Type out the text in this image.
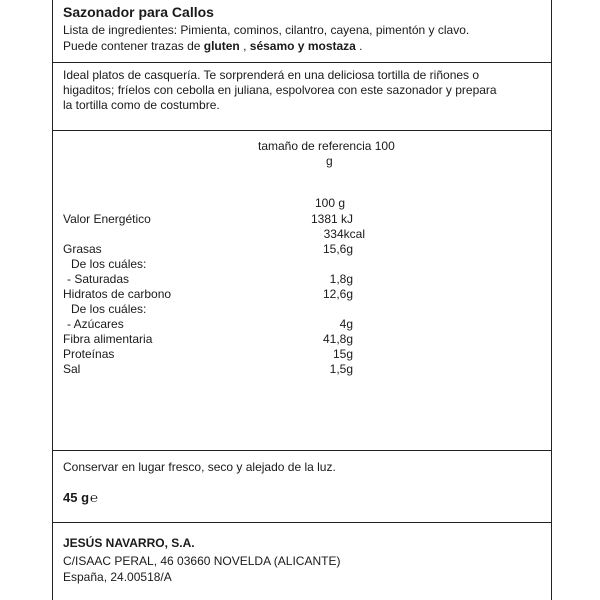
Sazonador para Callos
Lista de ingredientes: Pimienta, cominos, cilantro, cayena, pimentón y clavo.
Puede contener trazas de gluten , sésamo y mostaza .
Ideal platos de casquería. Te sorprenderá en una deliciosa tortilla de riñones o
higaditos; fríelos con cebolla en juliana, espolvorea con este sazonador y prepara
la tortilla como de costumbre.
tamaño de referencia 100
g
100 g
Valor Energético	1381 kJ
334kcal
Grasas	15,6g
De los cuáles:
- Saturadas	1,8g
Hidratos de carbono	12,6g
De los cuáles:
- Azúcares	4g
Fibra alimentaria	41,8g
Proteínas	15g
Sal	1,5g
Conservar en lugar fresco, seco y alejado de la luz.
45 g℮
JESÚS NAVARRO, S.A.
C/ISAAC PERAL, 46 03660 NOVELDA (ALICANTE)
España, 24.00518/A
